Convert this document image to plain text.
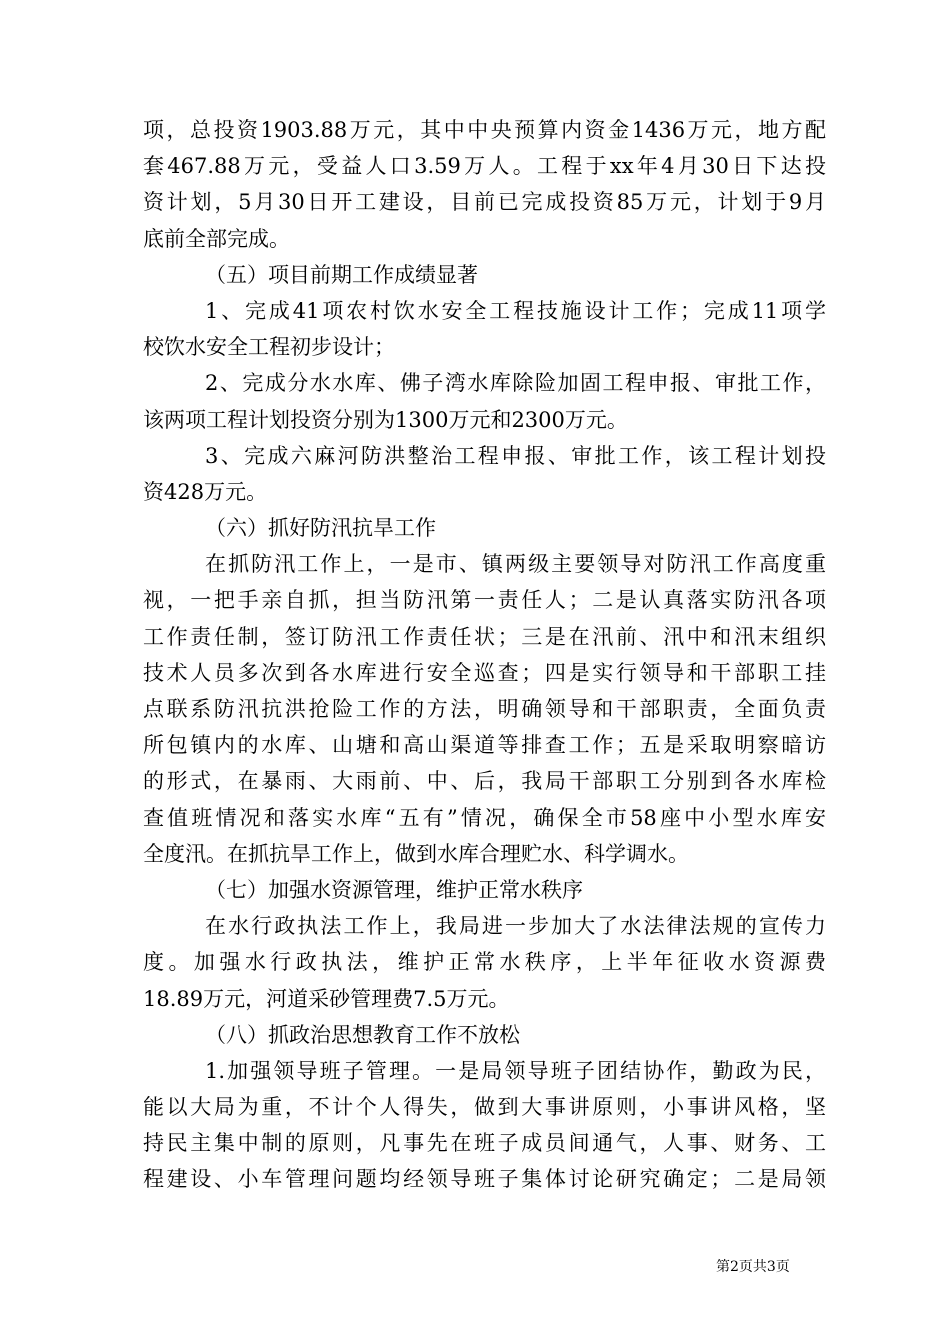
项，总投资1903.88万元，其中中央预算内资金1436万元，地方配
套467.88万元，受益人口3.59万人。工程于xx年4月30日下达投
资计划，5月30日开工建设，目前已完成投资85万元，计划于9月
底前全部完成。
（五）项目前期工作成绩显著
1、完成41项农村饮水安全工程技施设计工作；完成11项学
校饮水安全工程初步设计；
2、完成分水水库、佛子湾水库除险加固工程申报、审批工作，
该两项工程计划投资分别为1300万元和2300万元。
3、完成六麻河防洪整治工程申报、审批工作，该工程计划投
资428万元。
（六）抓好防汛抗旱工作
在抓防汛工作上，一是市、镇两级主要领导对防汛工作高度重
视，一把手亲自抓，担当防汛第一责任人；二是认真落实防汛各项
工作责任制，签订防汛工作责任状；三是在汛前、汛中和汛末组织
技术人员多次到各水库进行安全巡查；四是实行领导和干部职工挂
点联系防汛抗洪抢险工作的方法，明确领导和干部职责，全面负责
所包镇内的水库、山塘和高山渠道等排查工作；五是采取明察暗访
的形式，在暴雨、大雨前、中、后，我局干部职工分别到各水库检
查值班情况和落实水库“五有”情况，确保全市58座中小型水库安
全度汛。在抓抗旱工作上，做到水库合理贮水、科学调水。
（七）加强水资源管理，维护正常水秩序
在水行政执法工作上，我局进一步加大了水法律法规的宣传力
度。加强水行政执法，维护正常水秩序，上半年征收水资源费
18.89万元，河道采砂管理费7.5万元。
（八）抓政治思想教育工作不放松
1.加强领导班子管理。一是局领导班子团结协作，勤政为民，
能以大局为重，不计个人得失，做到大事讲原则，小事讲风格，坚
持民主集中制的原则，凡事先在班子成员间通气，人事、财务、工
程建设、小车管理问题均经领导班子集体讨论研究确定；二是局领
第2页共3页
